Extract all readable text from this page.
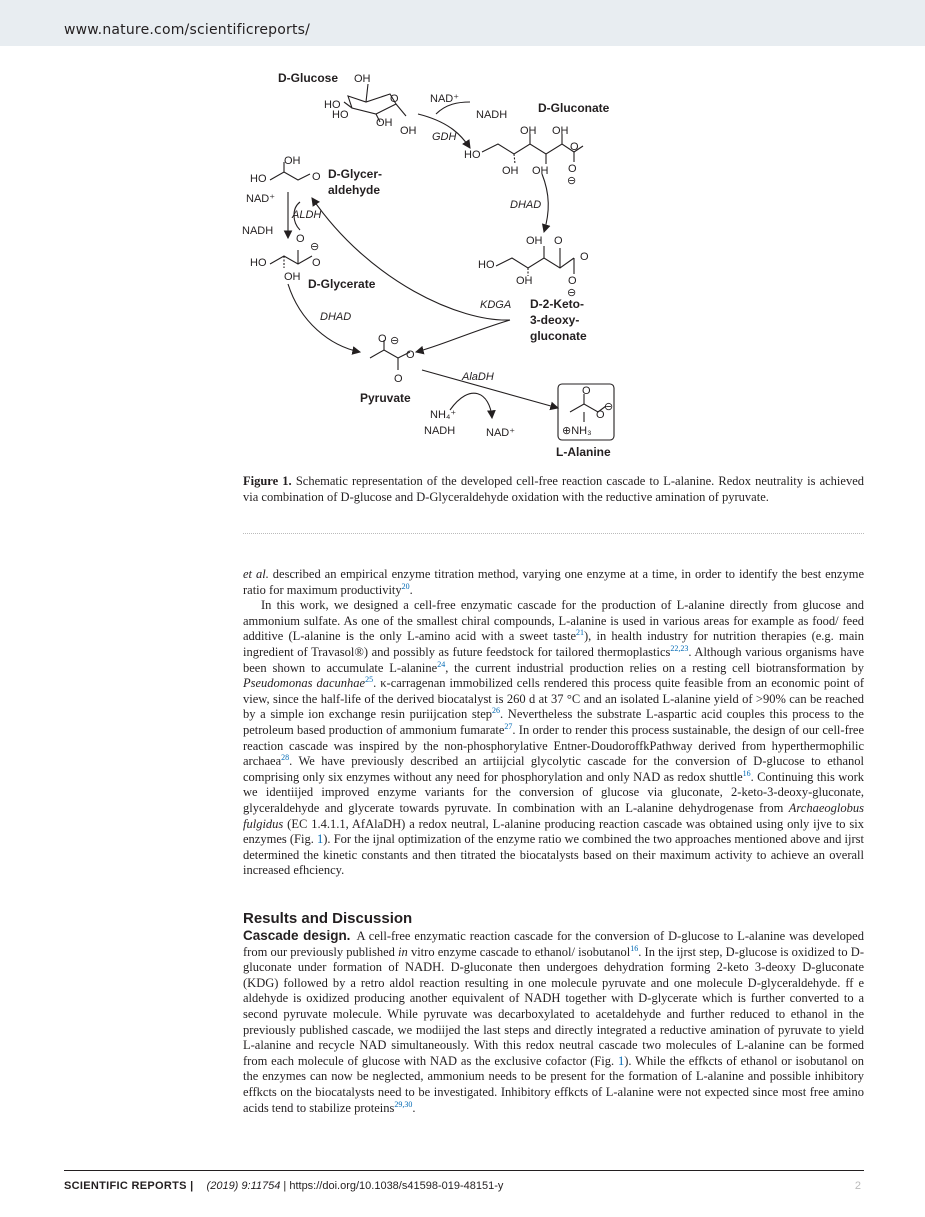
www.nature.com/scientificreports/
D-Glucose OH
HO
HO
O
OH
OH
NAD⁺
NADH
GDH
D-Gluconate
OH OH
HO
OH OH
O
O
⊖
OH
HO	O D-Glycer-
aldehyde
NAD⁺
ALDH
NADH
DHAD
O
⊖
O
HO
OH D-Glycerate
OH O
HO
OH
O
O
⊖
KDGA D-2-Keto-
3-deoxy-
gluconate
DHAD
⊖
O
O
O
Pyruvate
AlaDH
NH₄⁺
NADH	NAD⁺
O
O
⊖
⊕NH₃
L-Alanine
Figure 1. Schematic representation of the developed cell-free reaction cascade to L-alanine. Redox neutrality is achieved via combination of D-glucose and D-Glyceraldehyde oxidation with the reductive amination of pyruvate.

et al. described an empirical enzyme titration method, varying one enzyme at a time, in order to identify the best enzyme ratio for maximum productivity$^{20}$.

In this work, we designed a cell-free enzymatic cascade for the production of L-alanine directly from glucose and ammonium sulfate. As one of the smallest chiral compounds, L-alanine is used in various areas for example as food/ feed additive (L-alanine is the only L-amino acid with a sweet taste$^{21}$), in health industry for nutrition therapies (e.g. main ingredient of Travasol®) and possibly as future feedstock for tailored thermoplastics$^{22,23}$. Although various organisms have been shown to accumulate L-alanine$^{24}$, the current industrial production relies on a resting cell biotransformation by Pseudomonas dacunhae$^{25}$. κ-carragenan immobilized cells rendered this process quite feasible from an economic point of view, since the half-life of the derived biocatalyst is 260 d at 37 °C and an isolated L-alanine yield of >90% can be reached by a simple ion exchange resin puriijcation step$^{26}$. Nevertheless the substrate L-aspartic acid couples this process to the petroleum based production of ammonium fumarate$^{27}$. In order to render this process sustainable, the design of our cell-free reaction cascade was inspired by the non-phosphorylative Entner-DoudoroffkPathway derived from hyperthermophilic archaea$^{28}$. We have previously described an artiijcial glycolytic cascade for the conversion of D-glucose to ethanol comprising only six enzymes without any need for phosphorylation and only NAD as redox shuttle$^{16}$. Continuing this work we identiijed improved enzyme variants for the conversion of glucose via gluconate, 2-keto-3-deoxy-gluconate, glyceraldehyde and glycerate towards pyruvate. In combination with an L-alanine dehydrogenase from Archaeoglobus fulgidus (EC 1.4.1.1, AfAlaDH) a redox neutral, L-alanine producing reaction cascade was obtained using only ijve to six enzymes (Fig. 1). For the ijnal optimization of the enzyme ratio we combined the two approaches mentioned above and ijrst determined the kinetic constants and then titrated the biocatalysts based on their maximum activity to achieve an overall increased efhciency.

Results and Discussion
Cascade design. A cell-free enzymatic reaction cascade for the conversion of D-glucose to L-alanine was developed from our previously published in vitro enzyme cascade to ethanol/ isobutanol$^{16}$. In the ijrst step, D-glucose is oxidized to D-gluconate under formation of NADH. D-gluconate then undergoes dehydration forming 2-keto 3-deoxy D-gluconate (KDG) followed by a retro aldol reaction resulting in one molecule pyruvate and one molecule D-glyceraldehyde. ff e aldehyde is oxidized producing another equivalent of NADH together with D-glycerate which is further converted to a second pyruvate molecule. While pyruvate was decarboxylated to acetaldehyde and further reduced to ethanol in the previously published cascade, we modiijed the last steps and directly integrated a reductive amination of pyruvate to yield L-alanine and recycle NAD simultaneously. With this redox neutral cascade two molecules of L-alanine can be formed from each molecule of glucose with NAD as the exclusive cofactor (Fig. 1). While the effkcts of ethanol or isobutanol on the enzymes can now be neglected, ammonium needs to be present for the formation of L-alanine and possible inhibitory effkcts on the biocatalysts need to be investigated. Inhibitory effkcts of L-alanine were not expected since most free amino acids tend to stabilize proteins$^{29,30}$.
SCIENTIFIC REPORTS | (2019) 9:11754 | https://doi.org/10.1038/s41598-019-48151-y	2
